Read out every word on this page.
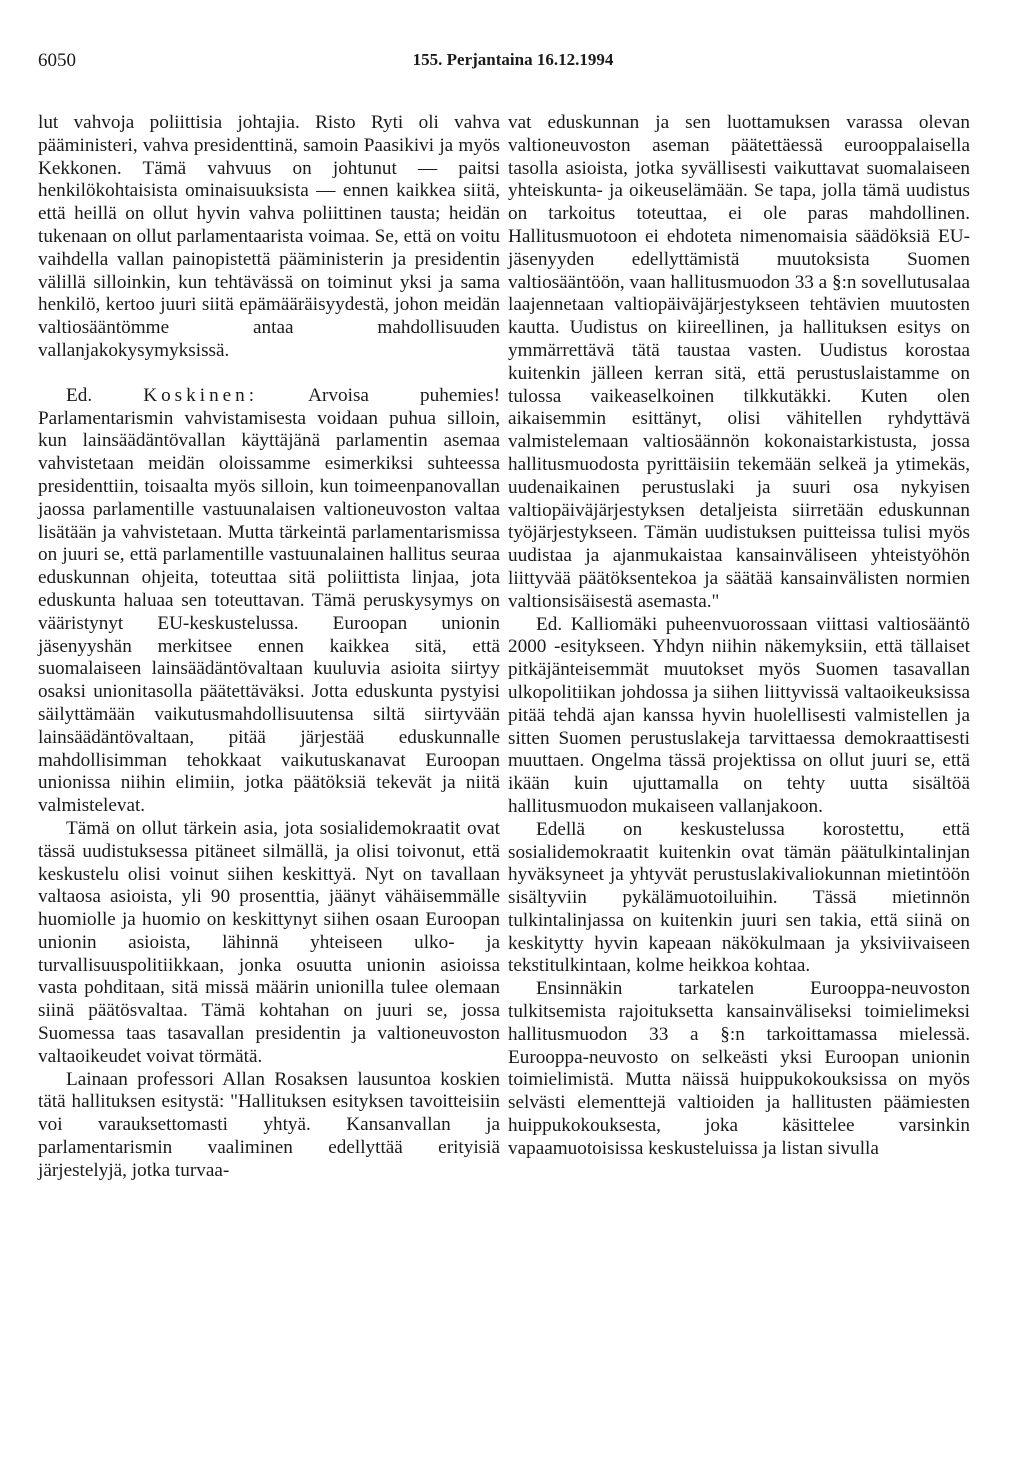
6050	155. Perjantaina 16.12.1994

lut vahvoja poliittisia johtajia. Risto Ryti oli vahva pääministeri, vahva presidenttinä, samoin Paasikivi ja myös Kekkonen. Tämä vahvuus on johtunut — paitsi henkilökohtaisista ominaisuuksista — ennen kaikkea siitä, että heillä on ollut hyvin vahva poliittinen tausta; heidän tukenaan on ollut parlamentaarista voimaa. Se, että on voitu vaihdella vallan painopistettä pääministerin ja presidentin välillä silloinkin, kun tehtävässä on toiminut yksi ja sama henkilö, kertoo juuri siitä epämääräisyydestä, johon meidän valtiosääntömme antaa mahdollisuuden vallanjakokysymyksissä.

Ed. Koskinen: Arvoisa puhemies! Parlamentarismin vahvistamisesta voidaan puhua silloin, kun lainsäädäntövallan käyttäjänä parlamentin asemaa vahvistetaan meidän oloissamme esimerkiksi suhteessa presidenttiin, toisaalta myös silloin, kun toimeenpanovallan jaossa parlamentille vastuunalaisen valtioneuvoston valtaa lisätään ja vahvistetaan. Mutta tärkeintä parlamentarismissa on juuri se, että parlamentille vastuunalainen hallitus seuraa eduskunnan ohjeita, toteuttaa sitä poliittista linjaa, jota eduskunta haluaa sen toteuttavan. Tämä peruskysymys on vääristynyt EU-keskustelussa. Euroopan unionin jäsenyyshän merkitsee ennen kaikkea sitä, että suomalaiseen lainsäädäntövaltaan kuuluvia asioita siirtyy osaksi unionitasolla päätettäväksi. Jotta eduskunta pystyisi säilyttämään vaikutusmahdollisuutensa siltä siirtyvään lainsäädäntövaltaan, pitää järjestää eduskunnalle mahdollisimman tehokkaat vaikutuskanavat Euroopan unionissa niihin elimiin, jotka päätöksiä tekevät ja niitä valmistelevat.

Tämä on ollut tärkein asia, jota sosialidemokraatit ovat tässä uudistuksessa pitäneet silmällä, ja olisi toivonut, että keskustelu olisi voinut siihen keskittyä. Nyt on tavallaan valtaosa asioista, yli 90 prosenttia, jäänyt vähäisemmälle huomiolle ja huomio on keskittynyt siihen osaan Euroopan unionin asioista, lähinnä yhteiseen ulko- ja turvallisuuspolitiikkaan, jonka osuutta unionin asioissa vasta pohditaan, sitä missä määrin unionilla tulee olemaan siinä päätösvaltaa. Tämä kohtahan on juuri se, jossa Suomessa taas tasavallan presidentin ja valtioneuvoston valtaoikeudet voivat törmätä.

Lainaan professori Allan Rosaksen lausuntoa koskien tätä hallituksen esitystä: "Hallituksen esityksen tavoitteisiin voi varauksettomasti yhtyä. Kansanvallan ja parlamentarismin vaaliminen edellyttää erityisiä järjestelyjä, jotka turvaa-

vat eduskunnan ja sen luottamuksen varassa olevan valtioneuvoston aseman päätettäessä eurooppalaisella tasolla asioista, jotka syvällisesti vaikuttavat suomalaiseen yhteiskunta- ja oikeuselämään. Se tapa, jolla tämä uudistus on tarkoitus toteuttaa, ei ole paras mahdollinen. Hallitusmuotoon ei ehdoteta nimenomaisia säädöksiä EU-jäsenyyden edellyttämistä muutoksista Suomen valtiosääntöön, vaan hallitusmuodon 33 a §:n sovellutusalaa laajennetaan valtiopäiväjärjestykseen tehtävien muutosten kautta. Uudistus on kiireellinen, ja hallituksen esitys on ymmärrettävä tätä taustaa vasten. Uudistus korostaa kuitenkin jälleen kerran sitä, että perustuslaistamme on tulossa vaikeaselkoinen tilkkutäkki. Kuten olen aikaisemmin esittänyt, olisi vähitellen ryhdyttävä valmistelemaan valtiosäännön kokonaistarkistusta, jossa hallitusmuodosta pyrittäisiin tekemään selkeä ja ytimekäs, uudenaikainen perustuslaki ja suuri osa nykyisen valtiopäiväjärjestyksen detaljeista siirretään eduskunnan työjärjestykseen. Tämän uudistuksen puitteissa tulisi myös uudistaa ja ajanmukaistaa kansainväliseen yhteistyöhön liittyvää päätöksentekoa ja säätää kansainvälisten normien valtionsisäisestä asemasta."

Ed. Kalliomäki puheenvuorossaan viittasi valtiosääntö 2000 -esitykseen. Yhdyn niihin näkemyksiin, että tällaiset pitkäjänteisemmät muutokset myös Suomen tasavallan ulkopolitiikan johdossa ja siihen liittyvissä valtaoikeuksissa pitää tehdä ajan kanssa hyvin huolellisesti valmistellen ja sitten Suomen perustuslakeja tarvittaessa demokraattisesti muuttaen. Ongelma tässä projektissa on ollut juuri se, että ikään kuin ujuttamalla on tehty uutta sisältöä hallitusmuodon mukaiseen vallanjakoon.

Edellä on keskustelussa korostettu, että sosialidemokraatit kuitenkin ovat tämän päätulkintalinjan hyväksyneet ja yhtyvät perustuslakivaliokunnan mietintöön sisältyviin pykälämuotoiluihin. Tässä mietinnön tulkintalinjassa on kuitenkin juuri sen takia, että siinä on keskitytty hyvin kapeaan näkökulmaan ja yksiviivaiseen tekstitulkintaan, kolme heikkoa kohtaa.

Ensinnäkin tarkatelen Eurooppa-neuvoston tulkitsemista rajoituksetta kansainväliseksi toimielimeksi hallitusmuodon 33 a §:n tarkoittamassa mielessä. Eurooppa-neuvosto on selkeästi yksi Euroopan unionin toimielimistä. Mutta näissä huippukokouksissa on myös selvästi elementtejä valtioiden ja hallitusten päämiesten huippukokouksesta, joka käsittelee varsinkin vapaamuotoisissa keskusteluissa ja listan sivulla
